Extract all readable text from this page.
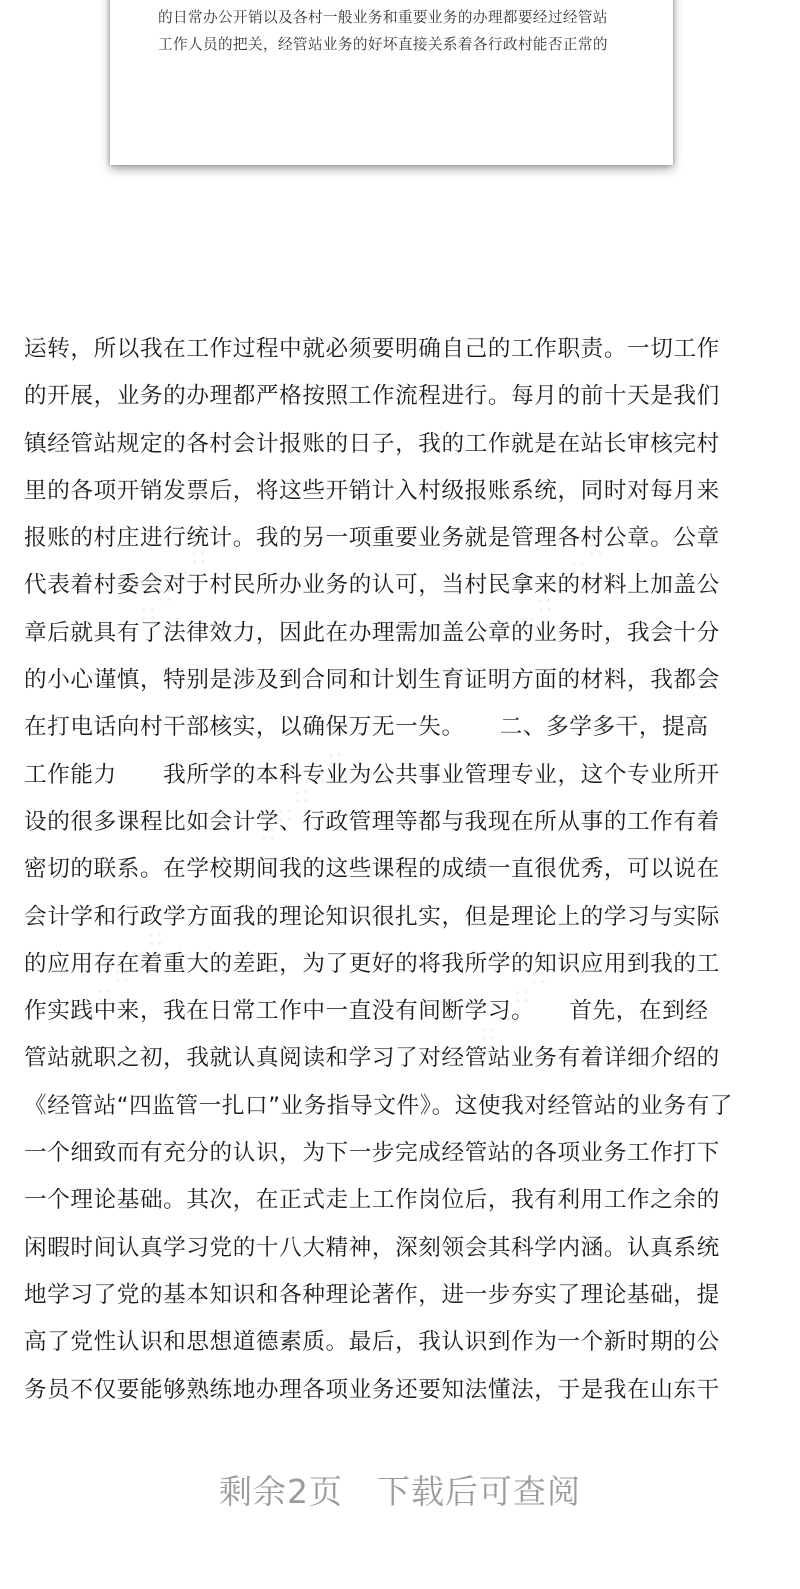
的日常办公开销以及各村一般业务和重要业务的办理都要经过经管站
工作人员的把关，经管站业务的好坏直接关系着各行政村能否正常的
⁘⁘⁘⁘⁘	⁘⁘⁘⁘⁘
⁘⁘⁘⁘⁘
⁘⁘⁘⁘⁘	⁘⁘⁘⁘⁘
运转，所以我在工作过程中就必须要明确自己的工作职责。一切工作
的开展，业务的办理都严格按照工作流程进行。每月的前十天是我们
镇经管站规定的各村会计报账的日子，我的工作就是在站长审核完村
里的各项开销发票后，将这些开销计入村级报账系统，同时对每月来
报账的村庄进行统计。我的另一项重要业务就是管理各村公章。公章
代表着村委会对于村民所办业务的认可，当村民拿来的材料上加盖公
章后就具有了法律效力，因此在办理需加盖公章的业务时，我会十分
的小心谨慎，特别是涉及到合同和计划生育证明方面的材料，我都会
在打电话向村干部核实，以确保万无一失。　　二、多学多干，提高
工作能力　　我所学的本科专业为公共事业管理专业，这个专业所开
设的很多课程比如会计学、行政管理等都与我现在所从事的工作有着
密切的联系。在学校期间我的这些课程的成绩一直很优秀，可以说在
会计学和行政学方面我的理论知识很扎实，但是理论上的学习与实际
的应用存在着重大的差距，为了更好的将我所学的知识应用到我的工
作实践中来，我在日常工作中一直没有间断学习。　　首先，在到经
管站就职之初，我就认真阅读和学习了对经管站业务有着详细介绍的
《经管站“四监管一扎口”业务指导文件》。这使我对经管站的业务有了
一个细致而有充分的认识，为下一步完成经管站的各项业务工作打下
一个理论基础。其次，在正式走上工作岗位后，我有利用工作之余的
闲暇时间认真学习党的十八大精神，深刻领会其科学内涵。认真系统
地学习了党的基本知识和各种理论著作，进一步夯实了理论基础，提
高了党性认识和思想道德素质。最后，我认识到作为一个新时期的公
务员不仅要能够熟练地办理各项业务还要知法懂法，于是我在山东干
剩余2页 下载后可查阅
